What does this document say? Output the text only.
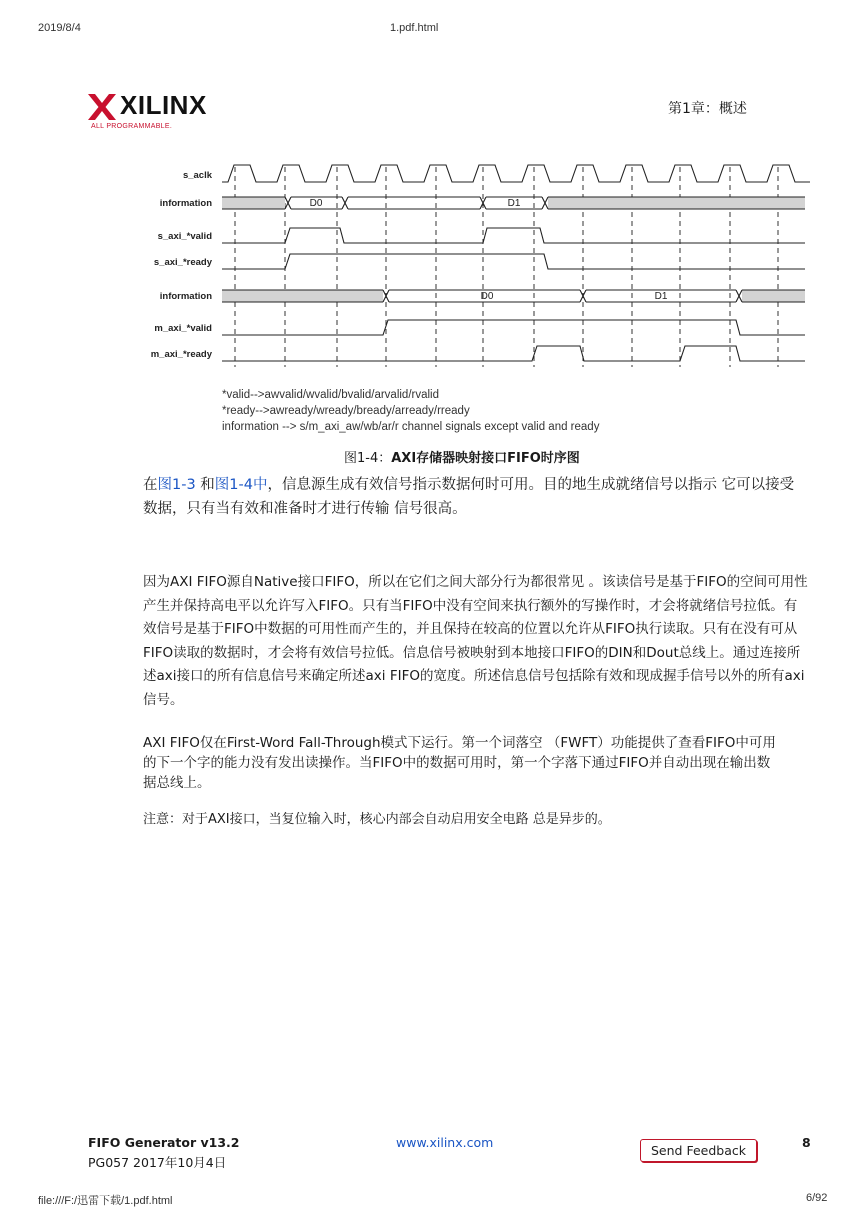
2019/8/4	1.pdf.html
XILINX
ALL PROGRAMMABLE.
第1章：概述
s_aclk
information
s_axi_*valid
s_axi_*ready
information
m_axi_*valid
m_axi_*ready
D0	D1
D0	D1
*valid-->awvalid/wvalid/bvalid/arvalid/rvalid
*ready-->awready/wready/bready/arready/rready
information --> s/m_axi_aw/wb/ar/r channel signals except valid and ready
图1-4：AXI存储器映射接口FIFO时序图
在图1-3 和图1-4中，信息源生成有效信号指示数据何时可用。目的地生成就绪信号以指示 它可以接受数据，只有当有效和准备时才进行传输 信号很高。
因为AXI FIFO源自Native接口FIFO，所以在它们之间大部分行为都很常见 。该读信号是基于FIFO的空间可用性产生并保持高电平以允许写入FIFO。只有当FIFO中没有空间来执行额外的写操作时，才会将就绪信号拉低。有效信号是基于FIFO中数据的可用性而产生的，并且保持在较高的位置以允许从FIFO执行读取。只有在没有可从FIFO读取的数据时，才会将有效信号拉低。信息信号被映射到本地接口FIFO的DIN和Dout总线上。通过连接所述axi接口的所有信息信号来确定所述axi FIFO的宽度。所述信息信号包括除有效和现成握手信号以外的所有axi信号。
AXI FIFO仅在First-Word Fall-Through模式下运行。第一个词落空 （FWFT）功能提供了查看FIFO中可用的下一个字的能力没有发出读操作。当FIFO中的数据可用时，第一个字落下通过FIFO并自动出现在输出数据总线上。
注意：对于AXI接口，当复位输入时，核心内部会自动启用安全电路 总是异步的。
FIFO Generator v13.2
PG057 2017年10月4日
www.xilinx.com
Send Feedback
8
file:///F:/迅雷下载/1.pdf.html	6/92
